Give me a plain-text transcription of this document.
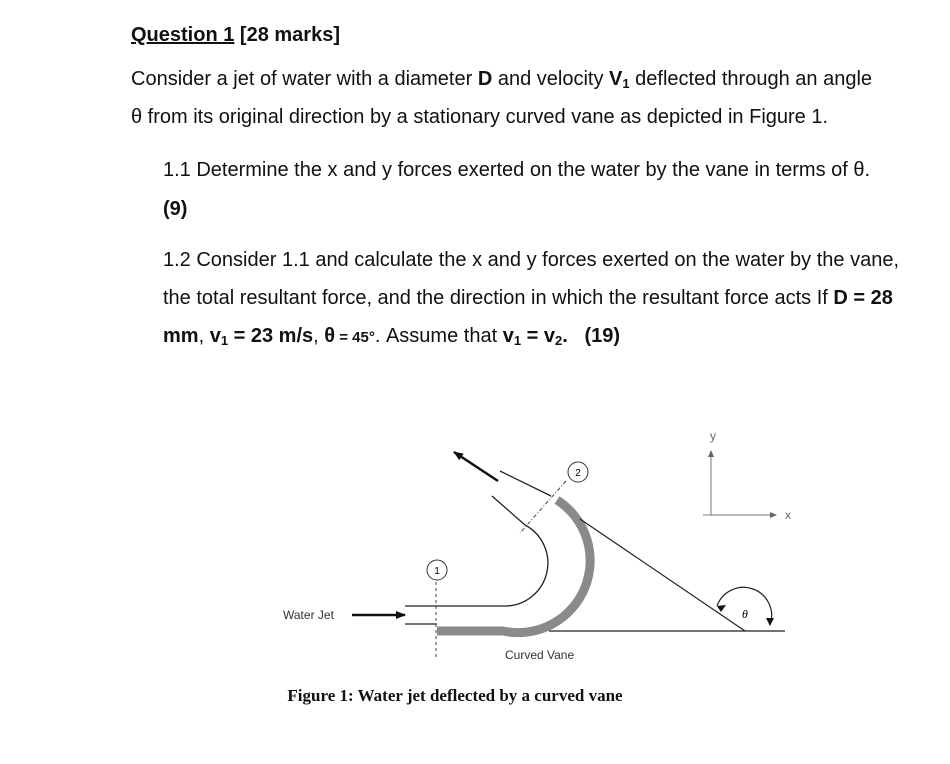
Question 1 [28 marks]
Consider a jet of water with a diameter D and velocity V1 deflected through an angle
θ from its original direction by a stationary curved vane as depicted in Figure 1.
1.1 Determine the x and y forces exerted on the water by the vane in terms of θ.
(9)
1.2 Consider 1.1 and calculate the x and y forces exerted on the water by the vane,
the total resultant force, and the direction in which the resultant force acts If D = 28
mm, v1 = 23 m/s, θ = 45°. Assume that v1 = v2. (19)
Water Jet
Curved Vane
1
2
θ
y
x
Figure 1: Water jet deflected by a curved vane
